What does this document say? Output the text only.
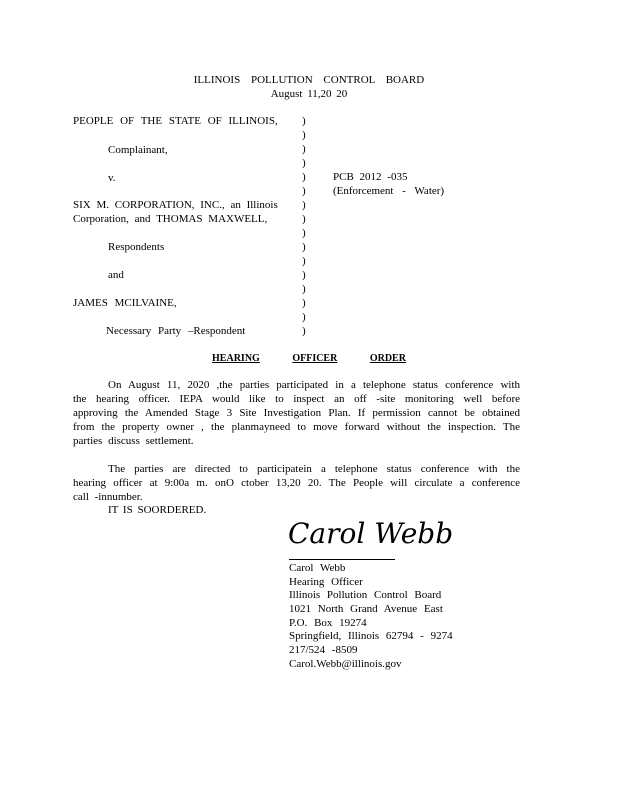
ILLINOIS POLLUTION CONTROL BOARD
August 11,20 20
PEOPLE OF THE STATE OF ILLINOIS,
Complainant,
v.
SIX M. CORPORATION, INC., an Illinois
Corporation, and THOMAS MAXWELL,
Respondents
and
JAMES MCILVAINE,
Necessary Party –Respondent
)
)
)
)
)
)
)
)
)
)
)
)
)
)
)
)
PCB 2012 -035
(Enforcement - Water)
HEARING	OFFICER	ORDER
On August 11, 2020 ,the parties participated in a telephone status conference with the hearing officer. IEPA would like to inspect an off -site monitoring well before approving the Amended Stage 3 Site Investigation Plan. If permission cannot be obtained from the property owner , the planmayneed to move forward without the inspection. The parties discuss settlement.
The parties are directed to participatein a telephone status conference with the hearing officer at 9:00a m. onO ctober 13,20 20. The People will circulate a conference call -innumber.
IT IS SOORDERED.
Carol Webb
Carol Webb
Hearing Officer
Illinois Pollution Control Board
1021 North Grand Avenue East
P.O. Box 19274
Springfield, Illinois 62794 - 9274
217/524 -8509
Carol.Webb@illinois.gov
